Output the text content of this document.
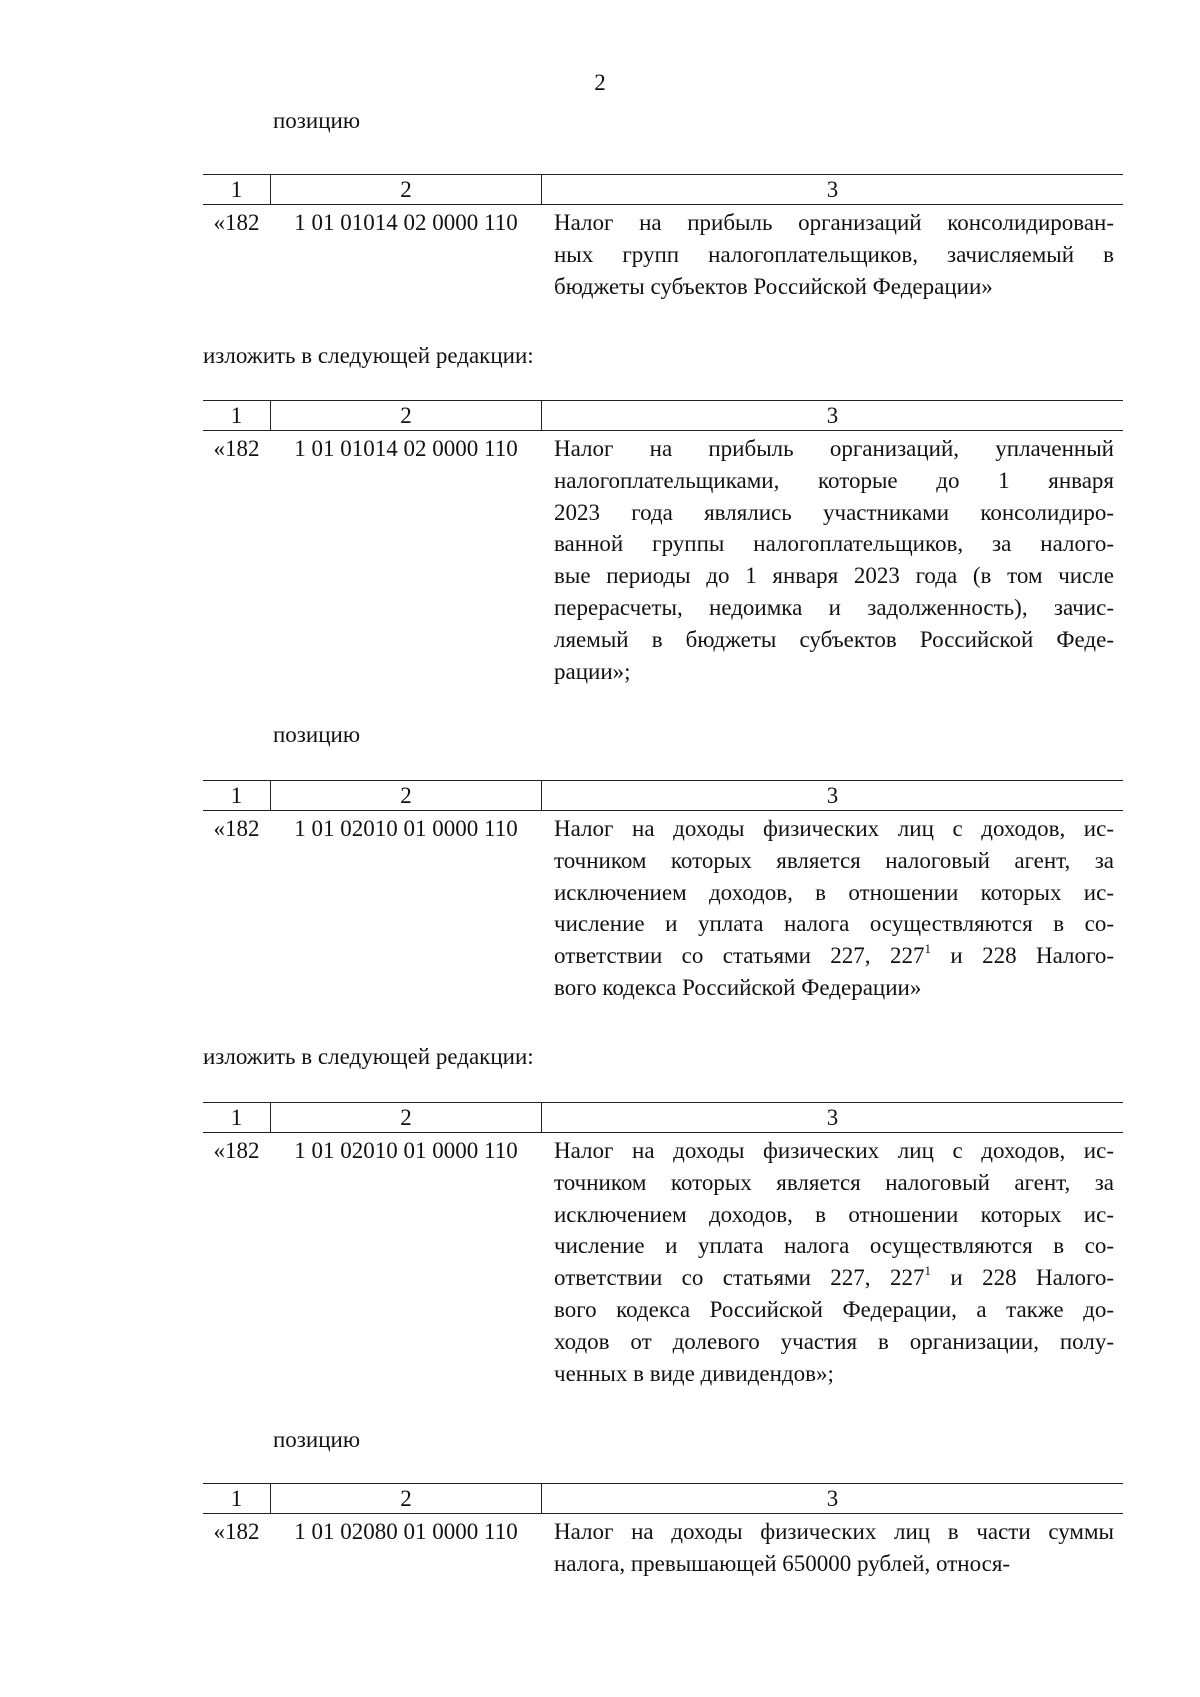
2
позицию
1	2	3
«182	1 01 01014 02 0000 110	Налог на прибыль организаций консолидирован-
ных групп налогоплательщиков, зачисляемый в
бюджеты субъектов Российской Федерации»
изложить в следующей редакции:
1	2	3
«182	1 01 01014 02 0000 110	Налог на прибыль организаций, уплаченный
налогоплательщиками, которые до 1 января
2023 года являлись участниками консолидиро-
ванной группы налогоплательщиков, за налого-
вые периоды до 1 января 2023 года (в том числе
перерасчеты, недоимка и задолженность), зачис-
ляемый в бюджеты субъектов Российской Феде-
рации»;
позицию
1	2	3
«182	1 01 02010 01 0000 110	Налог на доходы физических лиц с доходов, ис-
точником которых является налоговый агент, за
исключением доходов, в отношении которых ис-
числение и уплата налога осуществляются в со-
ответствии со статьями 227, $227^1$ и 228 Налого-
вого кодекса Российской Федерации»
изложить в следующей редакции:
1	2	3
«182	1 01 02010 01 0000 110	Налог на доходы физических лиц с доходов, ис-
точником которых является налоговый агент, за
исключением доходов, в отношении которых ис-
числение и уплата налога осуществляются в со-
ответствии со статьями 227, $227^1$ и 228 Налого-
вого кодекса Российской Федерации, а также до-
ходов от долевого участия в организации, полу-
ченных в виде дивидендов»;
позицию
1	2	3
«182	1 01 02080 01 0000 110	Налог на доходы физических лиц в части суммы
налога, превышающей 650000 рублей, относя-
